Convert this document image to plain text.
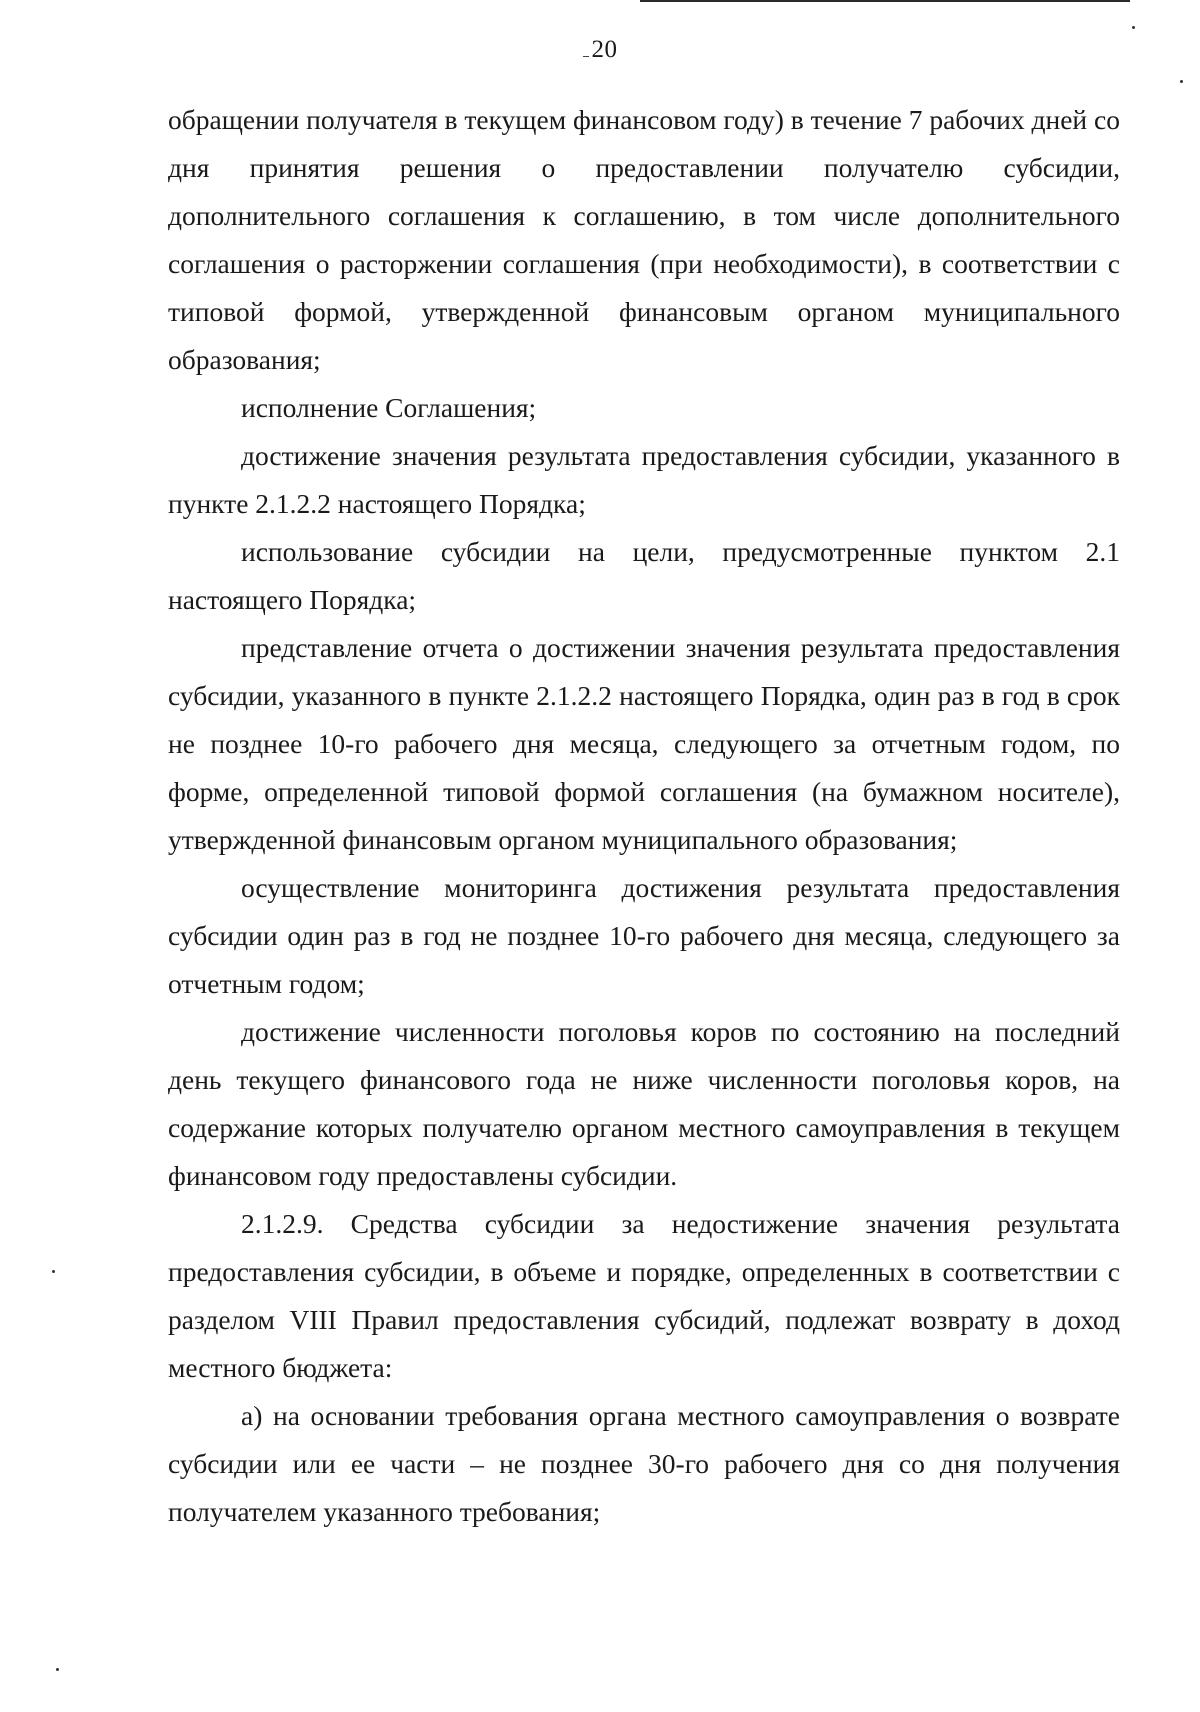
20

обращении получателя в текущем финансовом году) в течение 7 рабочих дней со дня принятия решения о предоставлении получателю субсидии, дополнительного соглашения к соглашению, в том числе дополнительного соглашения о расторжении соглашения (при необходимости), в соответствии с типовой формой, утвержденной финансовым органом муниципального образования;

исполнение Соглашения;

достижение значения результата предоставления субсидии, указанного в пункте 2.1.2.2 настоящего Порядка;

использование субсидии на цели, предусмотренные пунктом 2.1 настоящего Порядка;

представление отчета о достижении значения результата предоставления субсидии, указанного в пункте 2.1.2.2 настоящего Порядка, один раз в год в срок не позднее 10-го рабочего дня месяца, следующего за отчетным годом, по форме, определенной типовой формой соглашения (на бумажном носителе), утвержденной финансовым органом муниципального образования;

осуществление мониторинга достижения результата предоставления субсидии один раз в год не позднее 10-го рабочего дня месяца, следующего за отчетным годом;

достижение численности поголовья коров по состоянию на последний день текущего финансового года не ниже численности поголовья коров, на содержание которых получателю органом местного самоуправления в текущем финансовом году предоставлены субсидии.

2.1.2.9. Средства субсидии за недостижение значения результата предоставления субсидии, в объеме и порядке, определенных в соответствии с разделом VIII Правил предоставления субсидий, подлежат возврату в доход местного бюджета:

а) на основании требования органа местного самоуправления о возврате субсидии или ее части – не позднее 30-го рабочего дня со дня получения получателем указанного требования;
